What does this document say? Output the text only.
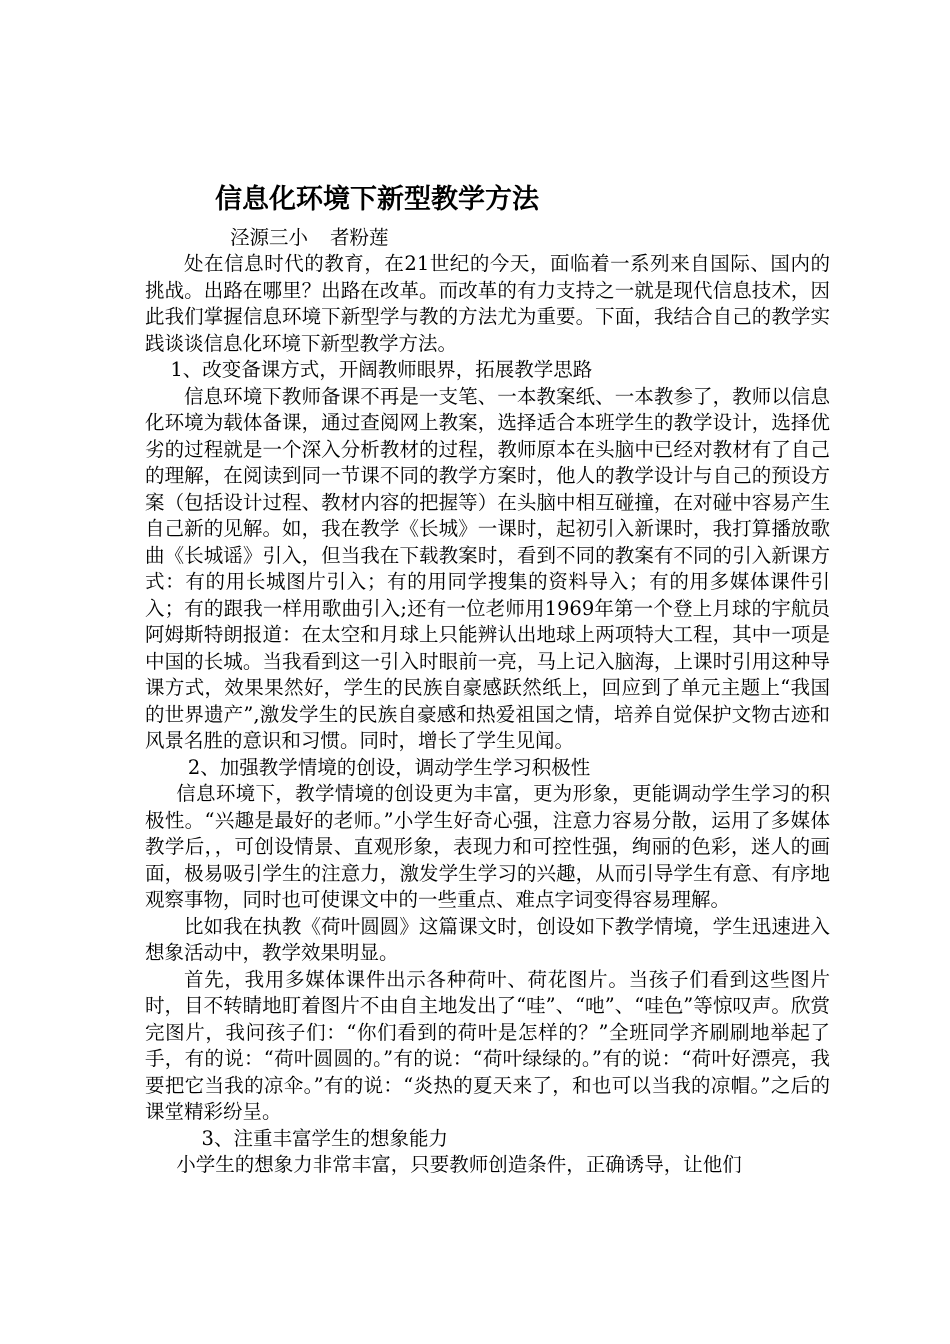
信息化环境下新型教学方法
泾源三小 者粉莲

处在信息时代的教育，在21世纪的今天，面临着一系列来自国际、国内的挑战。出路在哪里？出路在改革。而改革的有力支持之一就是现代信息技术，因此我们掌握信息环境下新型学与教的方法尤为重要。下面，我结合自己的教学实践谈谈信息化环境下新型教学方法。

1、改变备课方式，开阔教师眼界，拓展教学思路

信息环境下教师备课不再是一支笔、一本教案纸、一本教参了，教师以信息化环境为载体备课，通过查阅网上教案，选择适合本班学生的教学设计，选择优劣的过程就是一个深入分析教材的过程，教师原本在头脑中已经对教材有了自己的理解，在阅读到同一节课不同的教学方案时，他人的教学设计与自己的预设方案（包括设计过程、教材内容的把握等）在头脑中相互碰撞，在对碰中容易产生自己新的见解。如，我在教学《长城》一课时，起初引入新课时，我打算播放歌曲《长城谣》引入，但当我在下载教案时，看到不同的教案有不同的引入新课方式：有的用长城图片引入；有的用同学搜集的资料导入；有的用多媒体课件引入；有的跟我一样用歌曲引入;还有一位老师用1969年第一个登上月球的宇航员阿姆斯特朗报道：在太空和月球上只能辨认出地球上两项特大工程，其中一项是中国的长城。当我看到这一引入时眼前一亮，马上记入脑海，上课时引用这种导课方式，效果果然好，学生的民族自豪感跃然纸上，回应到了单元主题上“我国的世界遗产”,激发学生的民族自豪感和热爱祖国之情，培养自觉保护文物古迹和风景名胜的意识和习惯。同时，增长了学生见闻。

2、加强教学情境的创设，调动学生学习积极性

信息环境下，教学情境的创设更为丰富，更为形象，更能调动学生学习的积极性。“兴趣是最好的老师。”小学生好奇心强，注意力容易分散，运用了多媒体教学后，，可创设情景、直观形象，表现力和可控性强，绚丽的色彩，迷人的画面，极易吸引学生的注意力，激发学生学习的兴趣，从而引导学生有意、有序地观察事物，同时也可使课文中的一些重点、难点字词变得容易理解。

比如我在执教《荷叶圆圆》这篇课文时，创设如下教学情境，学生迅速进入想象活动中，教学效果明显。

首先，我用多媒体课件出示各种荷叶、荷花图片。当孩子们看到这些图片时，目不转睛地盯着图片不由自主地发出了“哇”、“吔”、“哇色”等惊叹声。欣赏完图片，我问孩子们：“你们看到的荷叶是怎样的？”全班同学齐刷刷地举起了手，有的说：“荷叶圆圆的。”有的说：“荷叶绿绿的。”有的说：“荷叶好漂亮，我要把它当我的凉伞。”有的说：“炎热的夏天来了，和也可以当我的凉帽。”之后的课堂精彩纷呈。

3、注重丰富学生的想象能力

小学生的想象力非常丰富，只要教师创造条件，正确诱导，让他们
